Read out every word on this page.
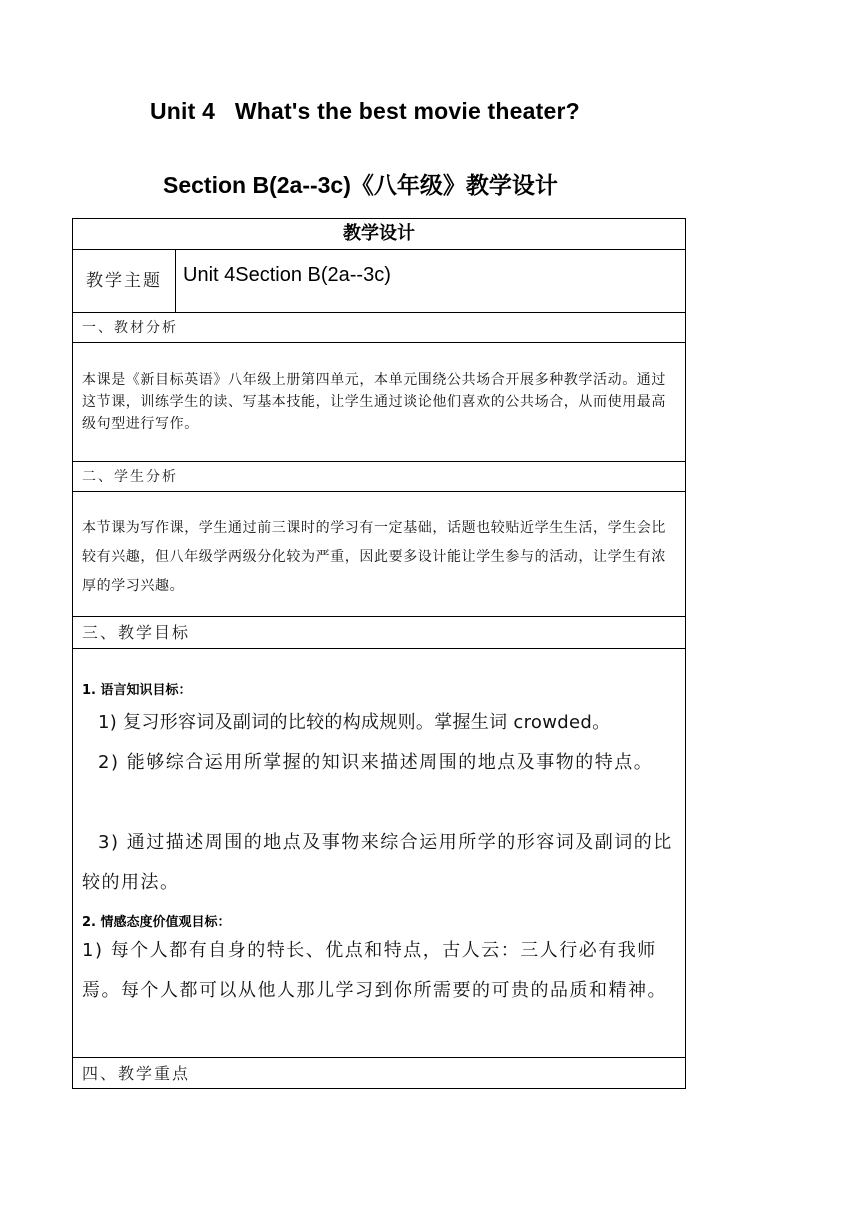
Unit 4   What's the best movie theater?
Section B(2a--3c)《八年级》教学设计
教学设计
教学主题	Unit 4Section B(2a--3c)
一、教材分析
本课是《新目标英语》八年级上册第四单元，本单元围绕公共场合开展多种教学活动。通过这节课，训练学生的读、写基本技能，让学生通过谈论他们喜欢的公共场合，从而使用最高级句型进行写作。
二、学生分析
本节课为写作课，学生通过前三课时的学习有一定基础，话题也较贴近学生生活，学生会比较有兴趣，但八年级学两级分化较为严重，因此要多设计能让学生参与的活动，让学生有浓厚的学习兴趣。
三、教学目标
1. 语言知识目标：
1) 复习形容词及副词的比较的构成规则。掌握生词 crowded。
2) 能够综合运用所掌握的知识来描述周围的地点及事物的特点。
3) 通过描述周围的地点及事物来综合运用所学的形容词及副词的比较的用法。
2. 情感态度价值观目标：
1) 每个人都有自身的特长、优点和特点，古人云：三人行必有我师焉。每个人都可以从他人那儿学习到你所需要的可贵的品质和精神。
四、教学重点
